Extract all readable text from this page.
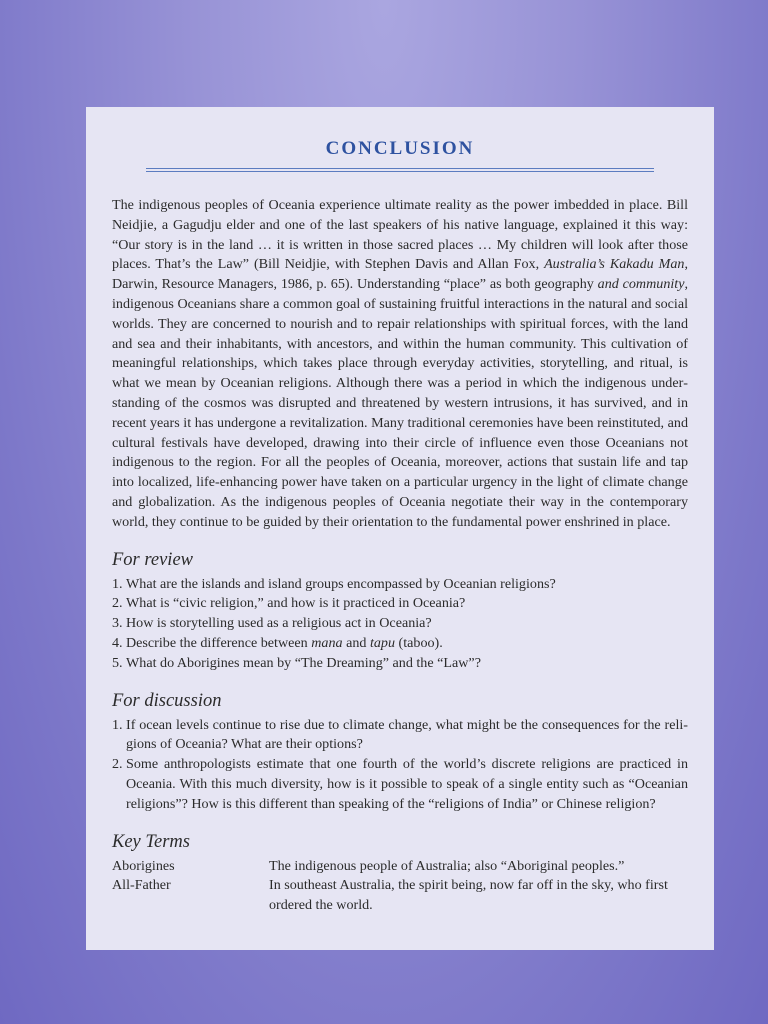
CONCLUSION

The indigenous peoples of Oceania experience ultimate reality as the power imbedded in place. Bill Neidjie, a Gagudju elder and one of the last speakers of his native language, explained it this way: “Our story is in the land … it is written in those sacred places … My children will look after those places. That’s the Law” (Bill Neidjie, with Stephen Davis and Allan Fox, Australia’s Kakadu Man, Darwin, Resource Managers, 1986, p. 65). Understanding “place” as both geography and community, indigenous Oceanians share a common goal of sustaining fruitful interactions in the natural and social worlds. They are concerned to nourish and to repair relationships with spiritual forces, with the land and sea and their inhabitants, with ancestors, and within the human community. This cultivation of meaningful relationships, which takes place through everyday activities, storytelling, and ritual, is what we mean by Oceanian religions. Although there was a period in which the indigenous understanding of the cosmos was disrupted and threatened by western intrusions, it has survived, and in recent years it has undergone a revitalization. Many traditional ceremonies have been reinstituted, and cultural festivals have developed, drawing into their circle of influence even those Oceanians not indigenous to the region. For all the peoples of Oceania, moreover, actions that sustain life and tap into localized, life-enhancing power have taken on a particular urgency in the light of climate change and globalization. As the indigenous peoples of Oceania negotiate their way in the contemporary world, they continue to be guided by their orientation to the fundamental power enshrined in place.

For review
1. What are the islands and island groups encompassed by Oceanian religions?
2. What is “civic religion,” and how is it practiced in Oceania?
3. How is storytelling used as a religious act in Oceania?
4. Describe the difference between mana and tapu (taboo).
5. What do Aborigines mean by “The Dreaming” and the “Law”?
For discussion
1. If ocean levels continue to rise due to climate change, what might be the consequences for the religions of Oceania? What are their options?
2. Some anthropologists estimate that one fourth of the world’s discrete religions are practiced in Oceania. With this much diversity, how is it possible to speak of a single entity such as “Oceanian religions”? How is this different than speaking of the “religions of India” or Chinese religion?
Key Terms
Aborigines	The indigenous people of Australia; also “Aboriginal peoples.”
All-Father	In southeast Australia, the spirit being, now far off in the sky, who first ordered the world.
